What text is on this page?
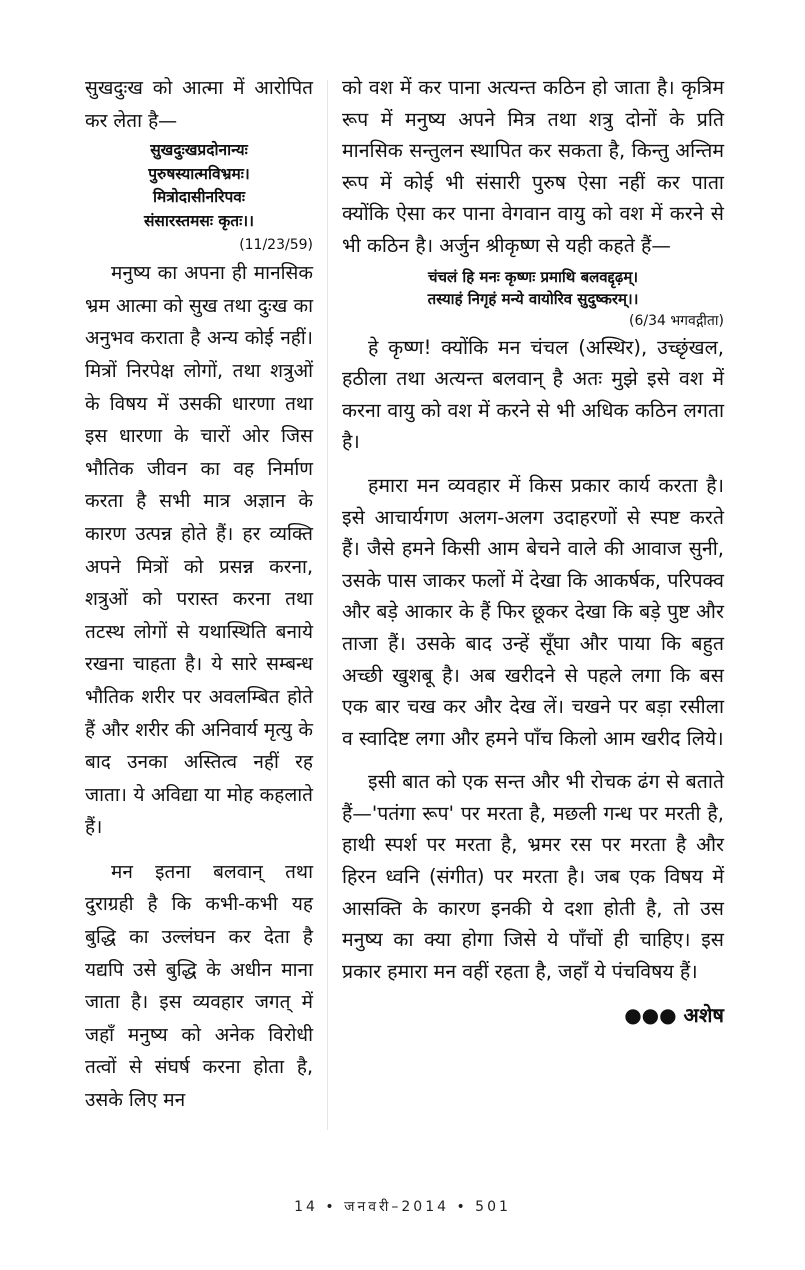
सुखदुःख को आत्मा में आरोपित कर लेता है—

सुखदुःखप्रदोनान्यः
पुरुषस्यात्मविभ्रमः।
मित्रोदासीनरिपवः
संसारस्तमसः कृतः।।
(11/23/59)

मनुष्य का अपना ही मानसिक भ्रम आत्मा को सुख तथा दुःख का अनुभव कराता है अन्य कोई नहीं। मित्रों निरपेक्ष लोगों, तथा शत्रुओं के विषय में उसकी धारणा तथा इस धारणा के चारों ओर जिस भौतिक जीवन का वह निर्माण करता है सभी मात्र अज्ञान के कारण उत्पन्न होते हैं। हर व्यक्ति अपने मित्रों को प्रसन्न करना, शत्रुओं को परास्त करना तथा तटस्थ लोगों से यथास्थिति बनाये रखना चाहता है। ये सारे सम्बन्ध भौतिक शरीर पर अवलम्बित होते हैं और शरीर की अनिवार्य मृत्यु के बाद उनका अस्तित्व नहीं रह जाता। ये अविद्या या मोह कहलाते हैं।

मन इतना बलवान् तथा दुराग्रही है कि कभी-कभी यह बुद्धि का उल्लंघन कर देता है यद्यपि उसे बुद्धि के अधीन माना जाता है। इस व्यवहार जगत् में जहाँ मनुष्य को अनेक विरोधी तत्वों से संघर्ष करना होता है, उसके लिए मन

को वश में कर पाना अत्यन्त कठिन हो जाता है। कृत्रिम रूप में मनुष्य अपने मित्र तथा शत्रु दोनों के प्रति मानसिक सन्तुलन स्थापित कर सकता है, किन्तु अन्तिम रूप में कोई भी संसारी पुरुष ऐसा नहीं कर पाता क्योंकि ऐसा कर पाना वेगवान वायु को वश में करने से भी कठिन है। अर्जुन श्रीकृष्ण से यही कहते हैं—

चंचलं हि मनः कृष्णः प्रमाथि बलवद्दृढ़म्।
तस्याहं निगृहं मन्ये वायोरिव सुदुष्करम्।।
(6/34 भगवद्गीता)

हे कृष्ण! क्योंकि मन चंचल (अस्थिर), उच्छृंखल, हठीला तथा अत्यन्त बलवान् है अतः मुझे इसे वश में करना वायु को वश में करने से भी अधिक कठिन लगता है।

हमारा मन व्यवहार में किस प्रकार कार्य करता है। इसे आचार्यगण अलग-अलग उदाहरणों से स्पष्ट करते हैं। जैसे हमने किसी आम बेचने वाले की आवाज सुनी, उसके पास जाकर फलों में देखा कि आकर्षक, परिपक्व और बड़े आकार के हैं फिर छूकर देखा कि बड़े पुष्ट और ताजा हैं। उसके बाद उन्हें सूँघा और पाया कि बहुत अच्छी खुशबू है। अब खरीदने से पहले लगा कि बस एक बार चख कर और देख लें। चखने पर बड़ा रसीला व स्वादिष्ट लगा और हमने पाँच किलो आम खरीद लिये।

इसी बात को एक सन्त और भी रोचक ढंग से बताते हैं—'पतंगा रूप' पर मरता है, मछली गन्ध पर मरती है, हाथी स्पर्श पर मरता है, भ्रमर रस पर मरता है और हिरन ध्वनि (संगीत) पर मरता है। जब एक विषय में आसक्ति के कारण इनकी ये दशा होती है, तो उस मनुष्य का क्या होगा जिसे ये पाँचों ही चाहिए। इस प्रकार हमारा मन वहीं रहता है, जहाँ ये पंचविषय हैं।

●●● अशेष
14 • जनवरी–2014 • 501
